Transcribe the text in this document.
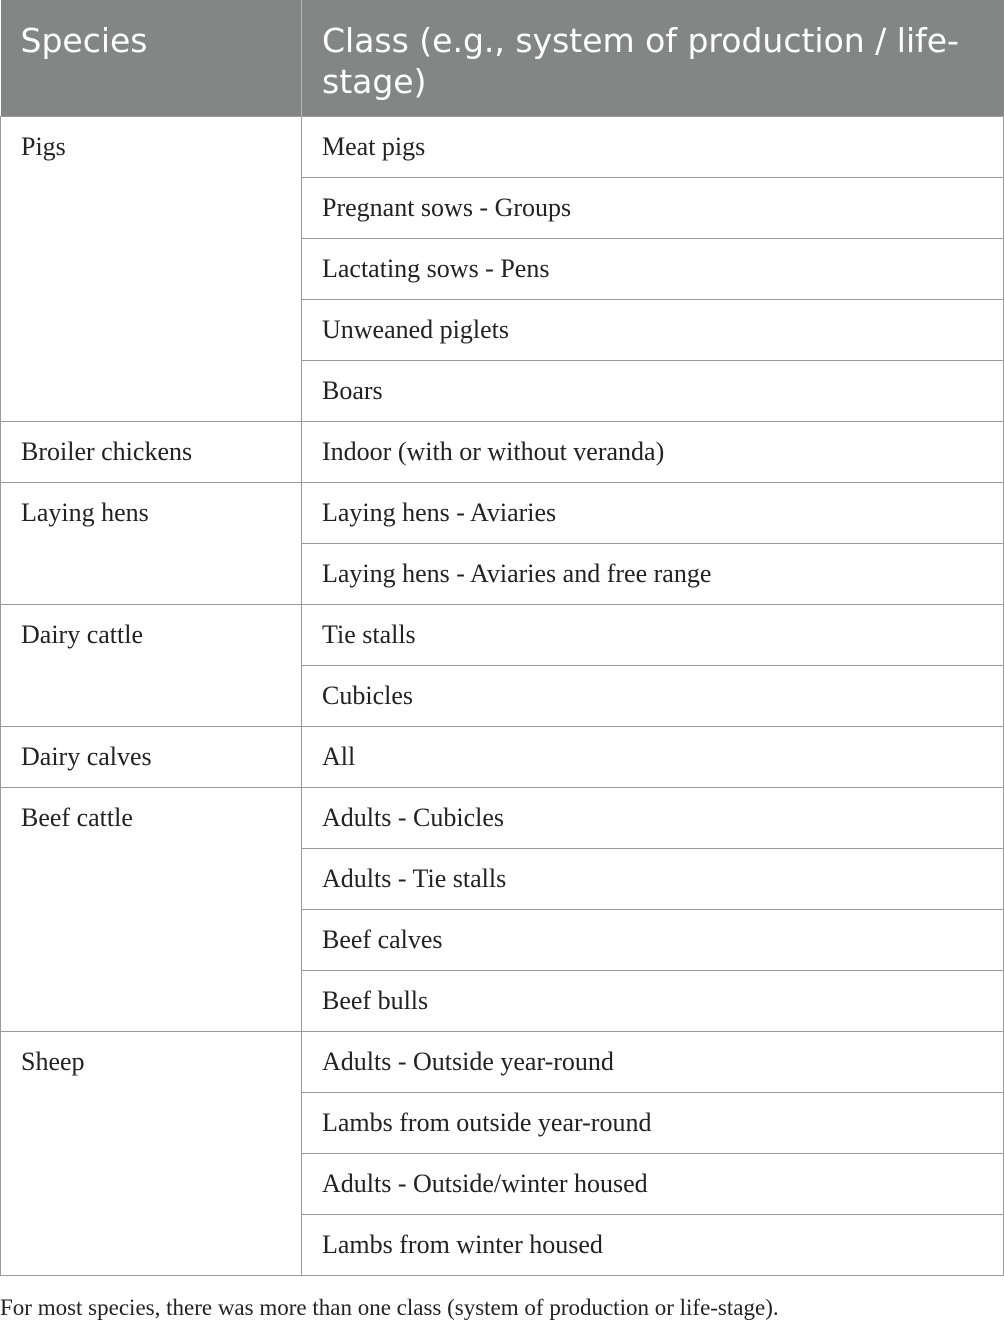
Species	Class (e.g., system of production / life-stage)
Pigs	Meat pigs
	Pregnant sows - Groups
	Lactating sows - Pens
	Unweaned piglets
	Boars
Broiler chickens	Indoor (with or without veranda)
Laying hens	Laying hens - Aviaries
	Laying hens - Aviaries and free range
Dairy cattle	Tie stalls
	Cubicles
Dairy calves	All
Beef cattle	Adults - Cubicles
	Adults - Tie stalls
	Beef calves
	Beef bulls
Sheep	Adults - Outside year-round
	Lambs from outside year-round
	Adults - Outside/winter housed
	Lambs from winter housed
For most species, there was more than one class (system of production or life-stage).
